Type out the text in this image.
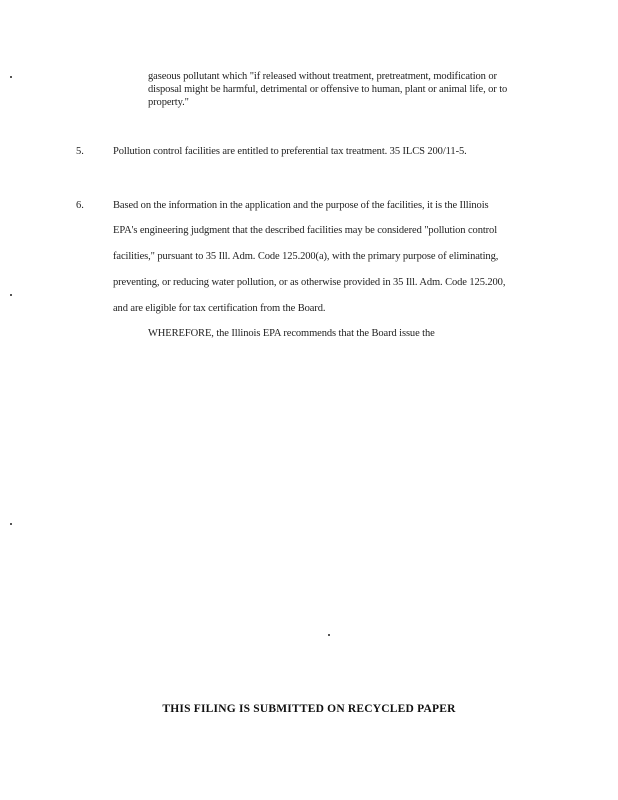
gaseous pollutant which "if released without treatment, pretreatment, modification or
disposal might be harmful, detrimental or offensive to human, plant or animal life, or to
property."
5.	Pollution control facilities are entitled to preferential tax treatment. 35 ILCS 200/11-5.
6.	Based on the information in the application and the purpose of the facilities, it is the Illinois
EPA's engineering judgment that the described facilities may be considered "pollution control
facilities," pursuant to 35 Ill. Adm. Code 125.200(a), with the primary purpose of eliminating,
preventing, or reducing water pollution, or as otherwise provided in 35 Ill. Adm. Code 125.200,
and are eligible for tax certification from the Board.
WHEREFORE, the Illinois EPA recommends that the Board issue the
THIS FILING IS SUBMITTED ON RECYCLED PAPER
